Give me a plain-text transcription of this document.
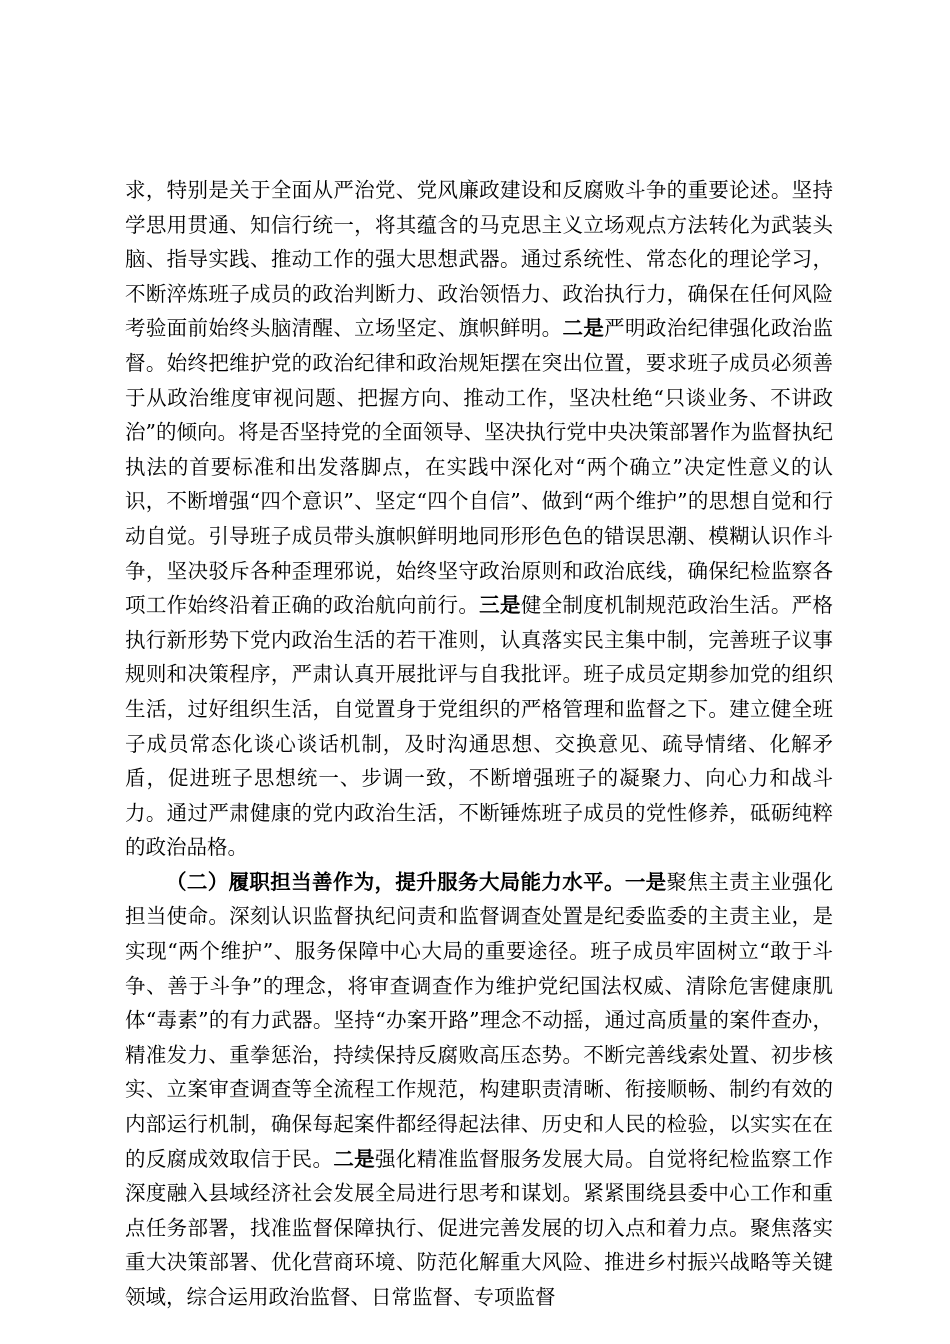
求，特别是关于全面从严治党、党风廉政建设和反腐败斗争的重要论述。坚持学思用贯通、知信行统一，将其蕴含的马克思主义立场观点方法转化为武装头脑、指导实践、推动工作的强大思想武器。通过系统性、常态化的理论学习，不断淬炼班子成员的政治判断力、政治领悟力、政治执行力，确保在任何风险考验面前始终头脑清醒、立场坚定、旗帜鲜明。二是严明政治纪律强化政治监督。始终把维护党的政治纪律和政治规矩摆在突出位置，要求班子成员必须善于从政治维度审视问题、把握方向、推动工作，坚决杜绝“只谈业务、不讲政治”的倾向。将是否坚持党的全面领导、坚决执行党中央决策部署作为监督执纪执法的首要标准和出发落脚点，在实践中深化对“两个确立”决定性意义的认识，不断增强“四个意识”、坚定“四个自信”、做到“两个维护”的思想自觉和行动自觉。引导班子成员带头旗帜鲜明地同形形色色的错误思潮、模糊认识作斗争，坚决驳斥各种歪理邪说，始终坚守政治原则和政治底线，确保纪检监察各项工作始终沿着正确的政治航向前行。三是健全制度机制规范政治生活。严格执行新形势下党内政治生活的若干准则，认真落实民主集中制，完善班子议事规则和决策程序，严肃认真开展批评与自我批评。班子成员定期参加党的组织生活，过好组织生活，自觉置身于党组织的严格管理和监督之下。建立健全班子成员常态化谈心谈话机制，及时沟通思想、交换意见、疏导情绪、化解矛盾，促进班子思想统一、步调一致，不断增强班子的凝聚力、向心力和战斗力。通过严肃健康的党内政治生活，不断锤炼班子成员的党性修养，砥砺纯粹的政治品格。

（二）履职担当善作为，提升服务大局能力水平。一是聚焦主责主业强化担当使命。深刻认识监督执纪问责和监督调查处置是纪委监委的主责主业，是实现“两个维护”、服务保障中心大局的重要途径。班子成员牢固树立“敢于斗争、善于斗争”的理念，将审查调查作为维护党纪国法权威、清除危害健康肌体“毒素”的有力武器。坚持“办案开路”理念不动摇，通过高质量的案件查办，精准发力、重拳惩治，持续保持反腐败高压态势。不断完善线索处置、初步核实、立案审查调查等全流程工作规范，构建职责清晰、衔接顺畅、制约有效的内部运行机制，确保每起案件都经得起法律、历史和人民的检验，以实实在在的反腐成效取信于民。二是强化精准监督服务发展大局。自觉将纪检监察工作深度融入县域经济社会发展全局进行思考和谋划。紧紧围绕县委中心工作和重点任务部署，找准监督保障执行、促进完善发展的切入点和着力点。聚焦落实重大决策部署、优化营商环境、防范化解重大风险、推进乡村振兴战略等关键领域，综合运用政治监督、日常监督、专项监督
